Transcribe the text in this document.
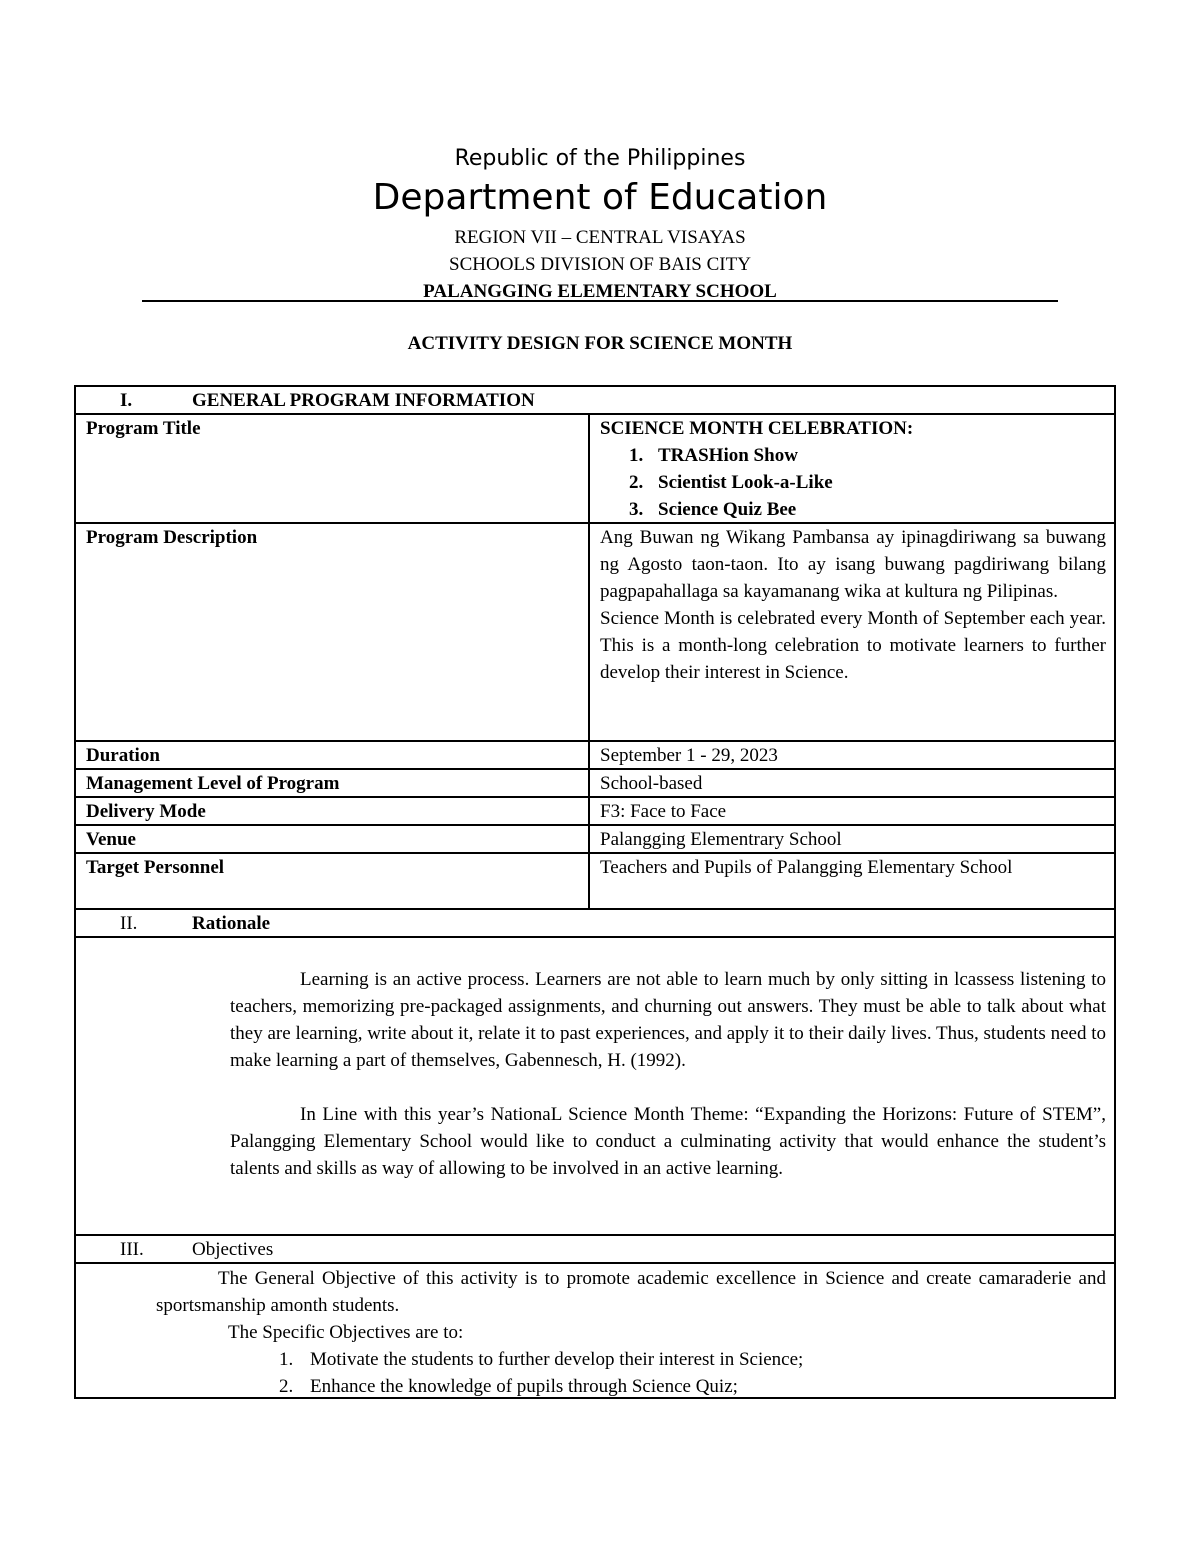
Republic of the Philippines
Department of Education
REGION VII – CENTRAL VISAYAS
SCHOOLS DIVISION OF BAIS CITY
PALANGGING ELEMENTARY SCHOOL
ACTIVITY DESIGN FOR SCIENCE MONTH
I.	GENERAL PROGRAM INFORMATION
Program Title	SCIENCE MONTH CELEBRATION:
1. TRASHion Show
2. Scientist Look-a-Like
3. Science Quiz Bee
Program Description	Ang Buwan ng Wikang Pambansa ay ipinagdiriwang sa buwang ng Agosto taon-taon. Ito ay isang buwang pagdiriwang bilang pagpapahallaga sa kayamanang wika at kultura ng Pilipinas.

Science Month is celebrated every Month of September each year. This is a month-long celebration to motivate learners to further develop their interest in Science.

Duration	September 1 - 29, 2023
Management Level of Program	School-based
Delivery Mode	F3: Face to Face
Venue	Palangging Elementrary School
Target Personnel	Teachers and Pupils of Palangging Elementary School
II.	Rationale

Learning is an active process. Learners are not able to learn much by only sitting in lcassess listening to teachers, memorizing pre-packaged assignments, and churning out answers. They must be able to talk about what they are learning, write about it, relate it to past experiences, and apply it to their daily lives. Thus, students need to make learning a part of themselves, Gabennesch, H. (1992).

In Line with this year’s NationaL Science Month Theme: “Expanding the Horizons: Future of STEM”, Palangging Elementary School would like to conduct a culminating activity that would enhance the student’s talents and skills as way of allowing to be involved in an active learning.

III.	Objectives

The General Objective of this activity is to promote academic excellence in Science and create camaraderie and sportsmanship amonth students.

The Specific Objectives are to:

1. Motivate the students to further develop their interest in Science;
2. Enhance the knowledge of pupils through Science Quiz;
